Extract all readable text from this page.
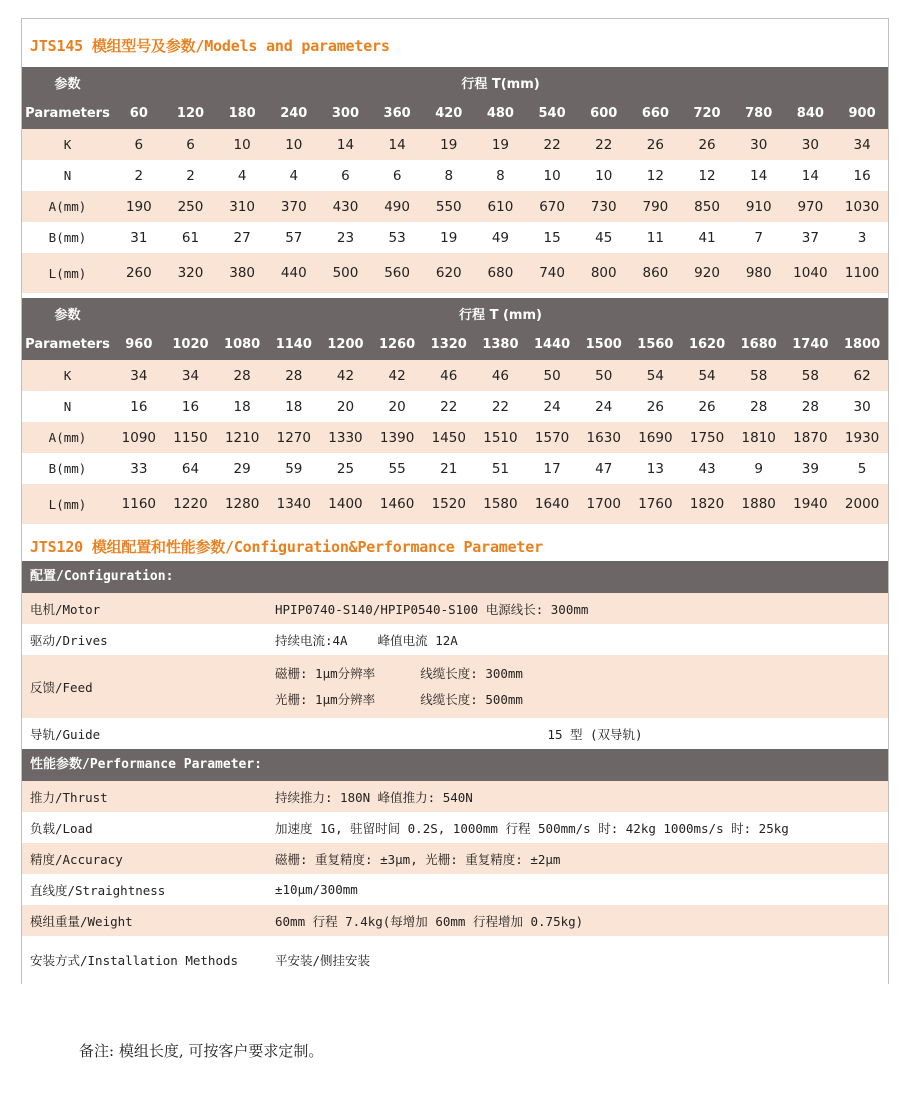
JTS145 模组型号及参数/Models and parameters
参数	行程 T(mm)														
Parameters	60	120	180	240	300	360	420	480	540	600	660	720	780	840	900
K	6	6	10	10	14	14	19	19	22	22	26	26	30	30	34
N	2	2	4	4	6	6	8	8	10	10	12	12	14	14	16
A(mm)	190	250	310	370	430	490	550	610	670	730	790	850	910	970	1030
B(mm)	31	61	27	57	23	53	19	49	15	45	11	41	7	37	3
L(mm)	260	320	380	440	500	560	620	680	740	800	860	920	980	1040	1100
参数	行程 T (mm)														
Parameters	960	1020	1080	1140	1200	1260	1320	1380	1440	1500	1560	1620	1680	1740	1800
K	34	34	28	28	42	42	46	46	50	50	54	54	58	58	62
N	16	16	18	18	20	20	22	22	24	24	26	26	28	28	30
A(mm)	1090	1150	1210	1270	1330	1390	1450	1510	1570	1630	1690	1750	1810	1870	1930
B(mm)	33	64	29	59	25	55	21	51	17	47	13	43	9	39	5
L(mm)	1160	1220	1280	1340	1400	1460	1520	1580	1640	1700	1760	1820	1880	1940	2000
JTS120 模组配置和性能参数/Configuration&Performance Parameter
配置/Configuration:
电机/Motor	HPIP0740-S140/HPIP0540-S100 电源线长: 300mm
驱动/Drives	持续电流:4A    峰值电流 12A
反馈/Feed
磁栅: 1μm分辨率      线缆长度: 300mm
光栅: 1μm分辨率      线缆长度: 500mm
导轨/Guide	15 型 (双导轨)
性能参数/Performance Parameter:
推力/Thrust	持续推力: 180N 峰值推力: 540N
负载/Load	加速度 1G, 驻留时间 0.2S, 1000mm 行程 500mm/s 时: 42kg 1000ms/s 时: 25kg
精度/Accuracy	磁栅: 重复精度: ±3μm, 光栅: 重复精度: ±2μm
直线度/Straightness	±10μm/300mm
模组重量/Weight	60mm 行程 7.4kg(每增加 60mm 行程增加 0.75kg)
安装方式/Installation Methods	平安装/侧挂安装
备注: 模组长度, 可按客户要求定制。
